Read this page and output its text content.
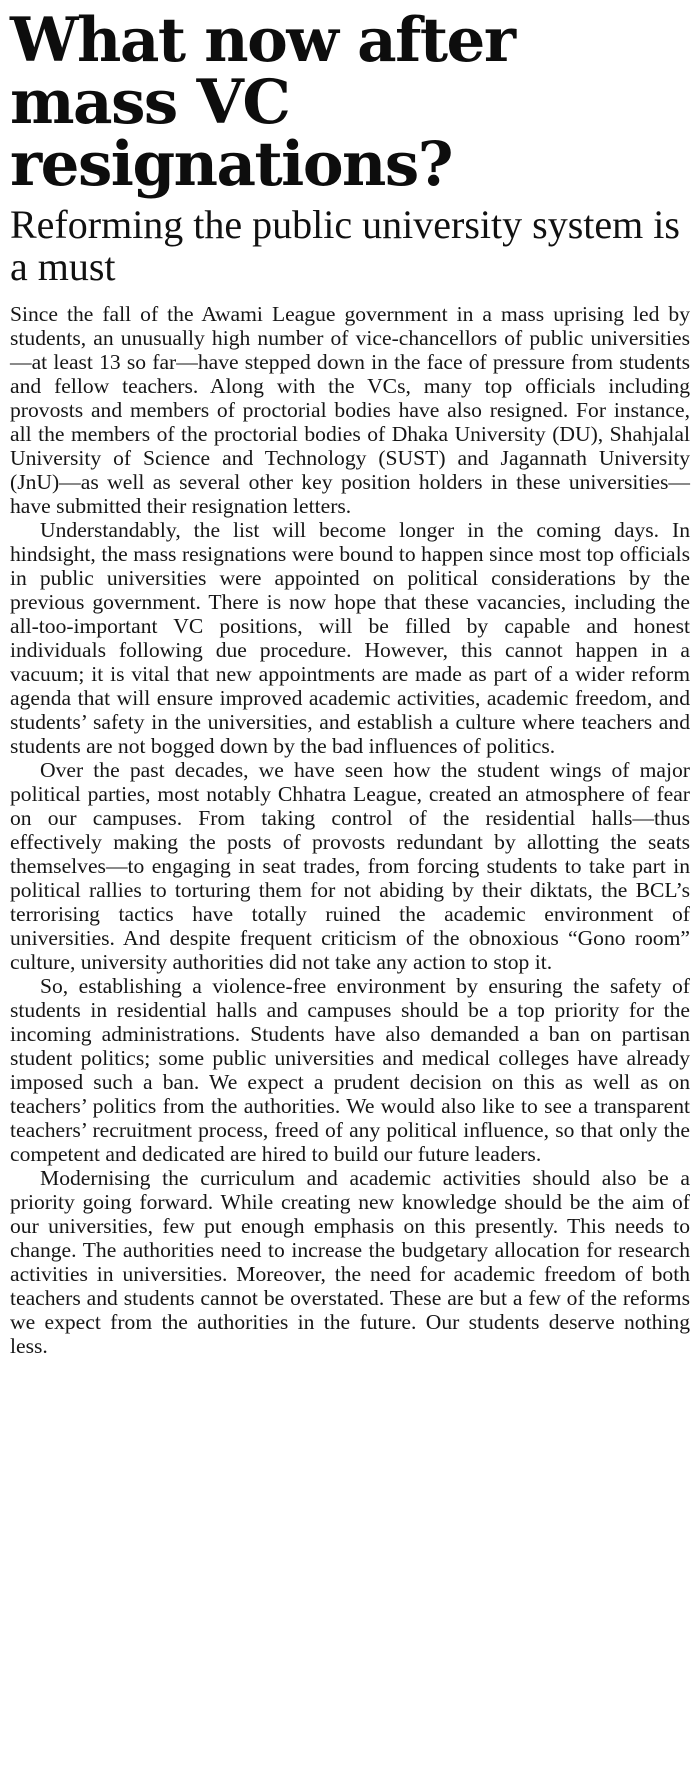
What now after mass VC resignations?
Reforming the public university system is a must

Since the fall of the Awami League government in a mass uprising led by students, an unusually high number of vice-chancellors of public universities—at least 13 so far—have stepped down in the face of pressure from students and fellow teachers. Along with the VCs, many top officials including provosts and members of proctorial bodies have also resigned. For instance, all the members of the proctorial bodies of Dhaka University (DU), Shahjalal University of Science and Technology (SUST) and Jagannath University (JnU)—as well as several other key position holders in these universities—have submitted their resignation letters.

Understandably, the list will become longer in the coming days. In hindsight, the mass resignations were bound to happen since most top officials in public universities were appointed on political considerations by the previous government. There is now hope that these vacancies, including the all-too-important VC positions, will be filled by capable and honest individuals following due procedure. However, this cannot happen in a vacuum; it is vital that new appointments are made as part of a wider reform agenda that will ensure improved academic activities, academic freedom, and students’ safety in the universities, and establish a culture where teachers and students are not bogged down by the bad influences of politics.

Over the past decades, we have seen how the student wings of major political parties, most notably Chhatra League, created an atmosphere of fear on our campuses. From taking control of the residential halls—thus effectively making the posts of provosts redundant by allotting the seats themselves—to engaging in seat trades, from forcing students to take part in political rallies to torturing them for not abiding by their diktats, the BCL’s terrorising tactics have totally ruined the academic environment of universities. And despite frequent criticism of the obnoxious “Gono room” culture, university authorities did not take any action to stop it.

So, establishing a violence-free environment by ensuring the safety of students in residential halls and campuses should be a top priority for the incoming administrations. Students have also demanded a ban on partisan student politics; some public universities and medical colleges have already imposed such a ban. We expect a prudent decision on this as well as on teachers’ politics from the authorities. We would also like to see a transparent teachers’ recruitment process, freed of any political influence, so that only the competent and dedicated are hired to build our future leaders.

Modernising the curriculum and academic activities should also be a priority going forward. While creating new knowledge should be the aim of our universities, few put enough emphasis on this presently. This needs to change. The authorities need to increase the budgetary allocation for research activities in universities. Moreover, the need for academic freedom of both teachers and students cannot be overstated. These are but a few of the reforms we expect from the authorities in the future. Our students deserve nothing less.
